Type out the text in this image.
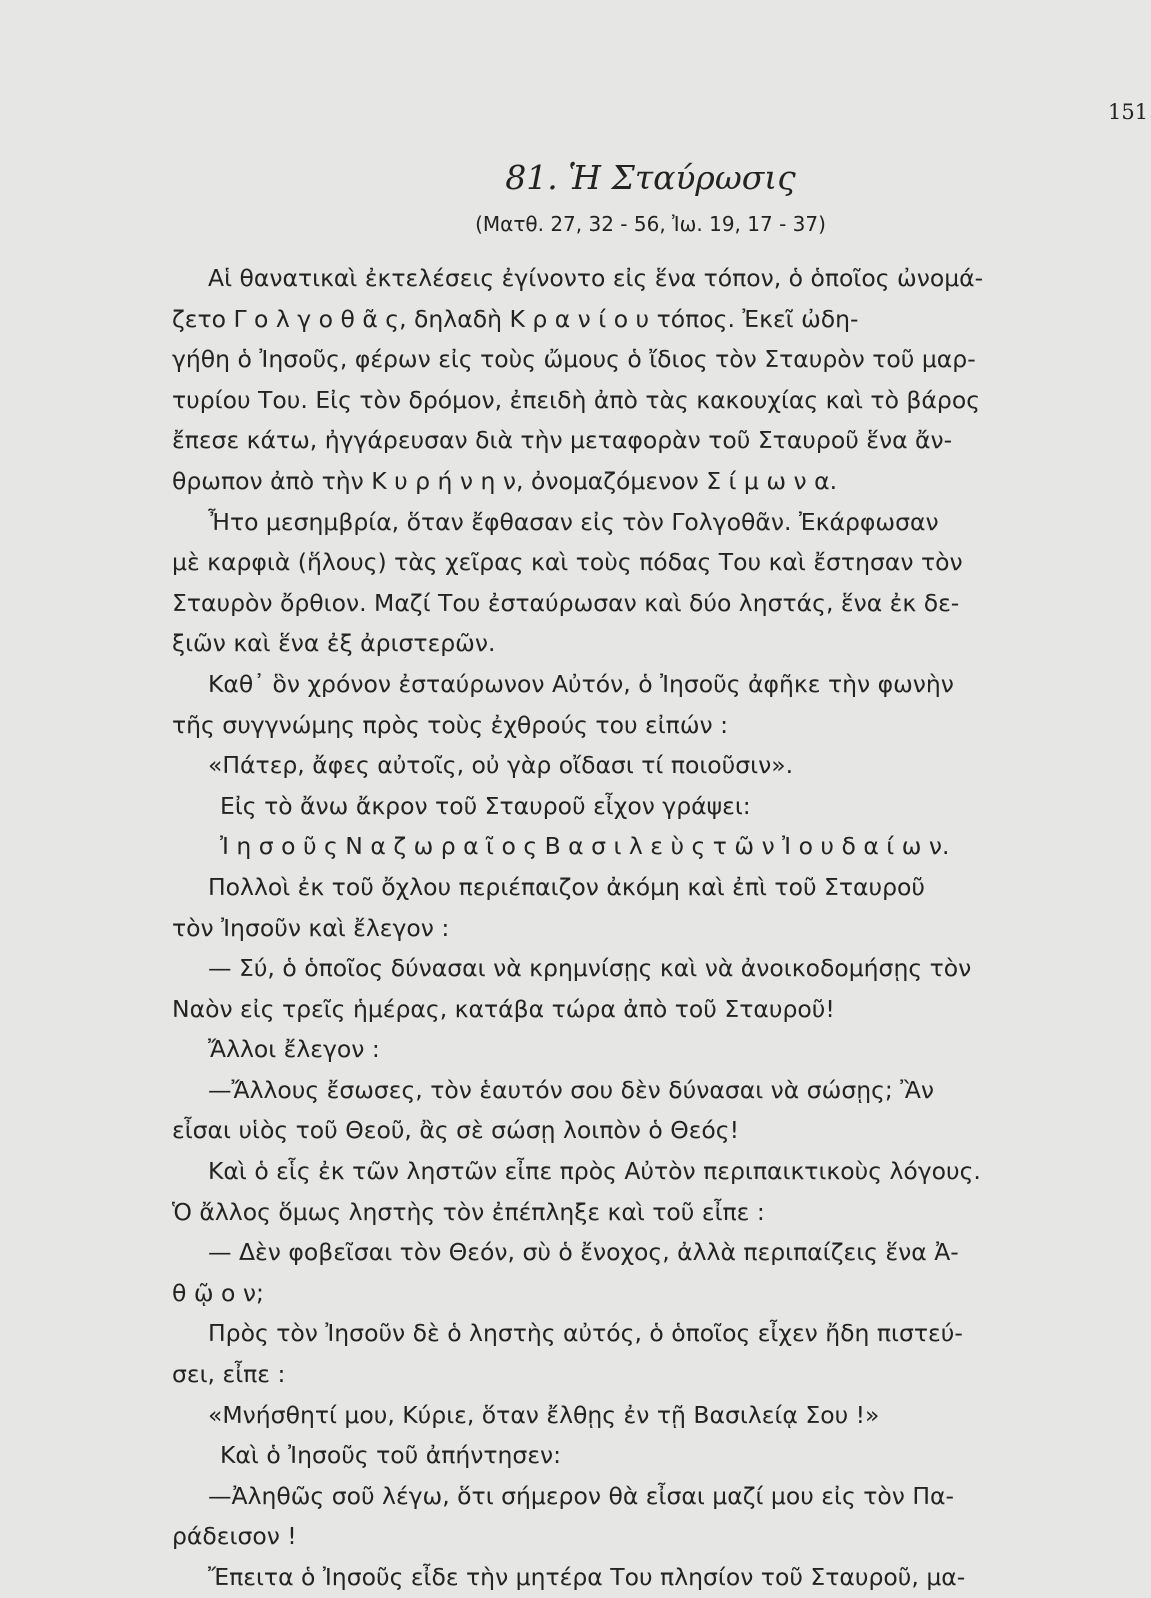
151
81. Ἡ Σταύρωσις
(Ματθ. 27, 32 - 56, Ἰω. 19, 17 - 37)
Αἱ θανατικαὶ ἐκτελέσεις ἐγίνοντο εἰς ἕνα τόπον, ὁ ὁποῖος ὠνομά-
ζετο Γ ο λ γ ο θ ᾶ ς, δηλαδὴ Κ ρ α ν ί ο υ τόπος. Ἐκεῖ ὠδη-
γήθη ὁ Ἰησοῦς, φέρων εἰς τοὺς ὤμους ὁ ἴδιος τὸν Σταυρὸν τοῦ μαρ-
τυρίου Του. Εἰς τὸν δρόμον, ἐπειδὴ ἀπὸ τὰς κακουχίας καὶ τὸ βάρος
ἔπεσε κάτω, ἠγγάρευσαν διὰ τὴν μεταφορὰν τοῦ Σταυροῦ ἕνα ἄν-
θρωπον ἀπὸ τὴν Κ υ ρ ή ν η ν, ὀνομαζόμενον Σ ί μ ω ν α.
Ἦτο μεσημβρία, ὅταν ἔφθασαν εἰς τὸν Γολγοθᾶν. Ἐκάρφωσαν
μὲ καρφιὰ (ἥλους) τὰς χεῖρας καὶ τοὺς πόδας Του καὶ ἔστησαν τὸν
Σταυρὸν ὄρθιον. Μαζί Του ἐσταύρωσαν καὶ δύο ληστάς, ἕνα ἐκ δε-
ξιῶν καὶ ἕνα ἐξ ἀριστερῶν.
Καθ᾽ ὃν χρόνον ἐσταύρωνον Αὐτόν, ὁ Ἰησοῦς ἀφῆκε τὴν φωνὴν
τῆς συγγνώμης πρὸς τοὺς ἐχθρούς του εἰπών :
«Πάτερ, ἄφες αὐτοῖς, οὐ γὰρ οἴδασι τί ποιοῦσιν».
Εἰς τὸ ἄνω ἄκρον τοῦ Σταυροῦ εἶχον γράψει:
Ἰ η σ ο ῦ ς Ν α ζ ω ρ α ῖ ο ς Β α σ ι λ ε ὺ ς τ ῶ ν Ἰ ο υ δ α ί ω ν.
Πολλοὶ ἐκ τοῦ ὄχλου περιέπαιζον ἀκόμη καὶ ἐπὶ τοῦ Σταυροῦ
τὸν Ἰησοῦν καὶ ἔλεγον :
— Σύ, ὁ ὁποῖος δύνασαι νὰ κρημνίσῃς καὶ νὰ ἀνοικοδομήσῃς τὸν
Ναὸν εἰς τρεῖς ἡμέρας, κατάβα τώρα ἀπὸ τοῦ Σταυροῦ!
Ἄλλοι ἔλεγον :
—Ἄλλους ἔσωσες, τὸν ἑαυτόν σου δὲν δύνασαι νὰ σώσῃς; Ἂν
εἶσαι υἱὸς τοῦ Θεοῦ, ἂς σὲ σώσῃ λοιπὸν ὁ Θεός!
Καὶ ὁ εἷς ἐκ τῶν ληστῶν εἶπε πρὸς Αὐτὸν περιπαικτικοὺς λόγους.
Ὁ ἄλλος ὅμως ληστὴς τὸν ἐπέπληξε καὶ τοῦ εἶπε :
— Δὲν φοβεῖσαι τὸν Θεόν, σὺ ὁ ἔνοχος, ἀλλὰ περιπαίζεις ἕνα Ἀ-
θ ῷ ο ν;
Πρὸς τὸν Ἰησοῦν δὲ ὁ ληστὴς αὐτός, ὁ ὁποῖος εἶχεν ἤδη πιστεύ-
σει, εἶπε :
«Μνήσθητί μου, Κύριε, ὅταν ἔλθῃς ἐν τῇ Βασιλείᾳ Σου !»
Καὶ ὁ Ἰησοῦς τοῦ ἀπήντησεν:
—Ἀληθῶς σοῦ λέγω, ὅτι σήμερον θὰ εἶσαι μαζί μου εἰς τὸν Πα-
ράδεισον !
Ἔπειτα ὁ Ἰησοῦς εἶδε τὴν μητέρα Του πλησίον τοῦ Σταυροῦ, μα-
